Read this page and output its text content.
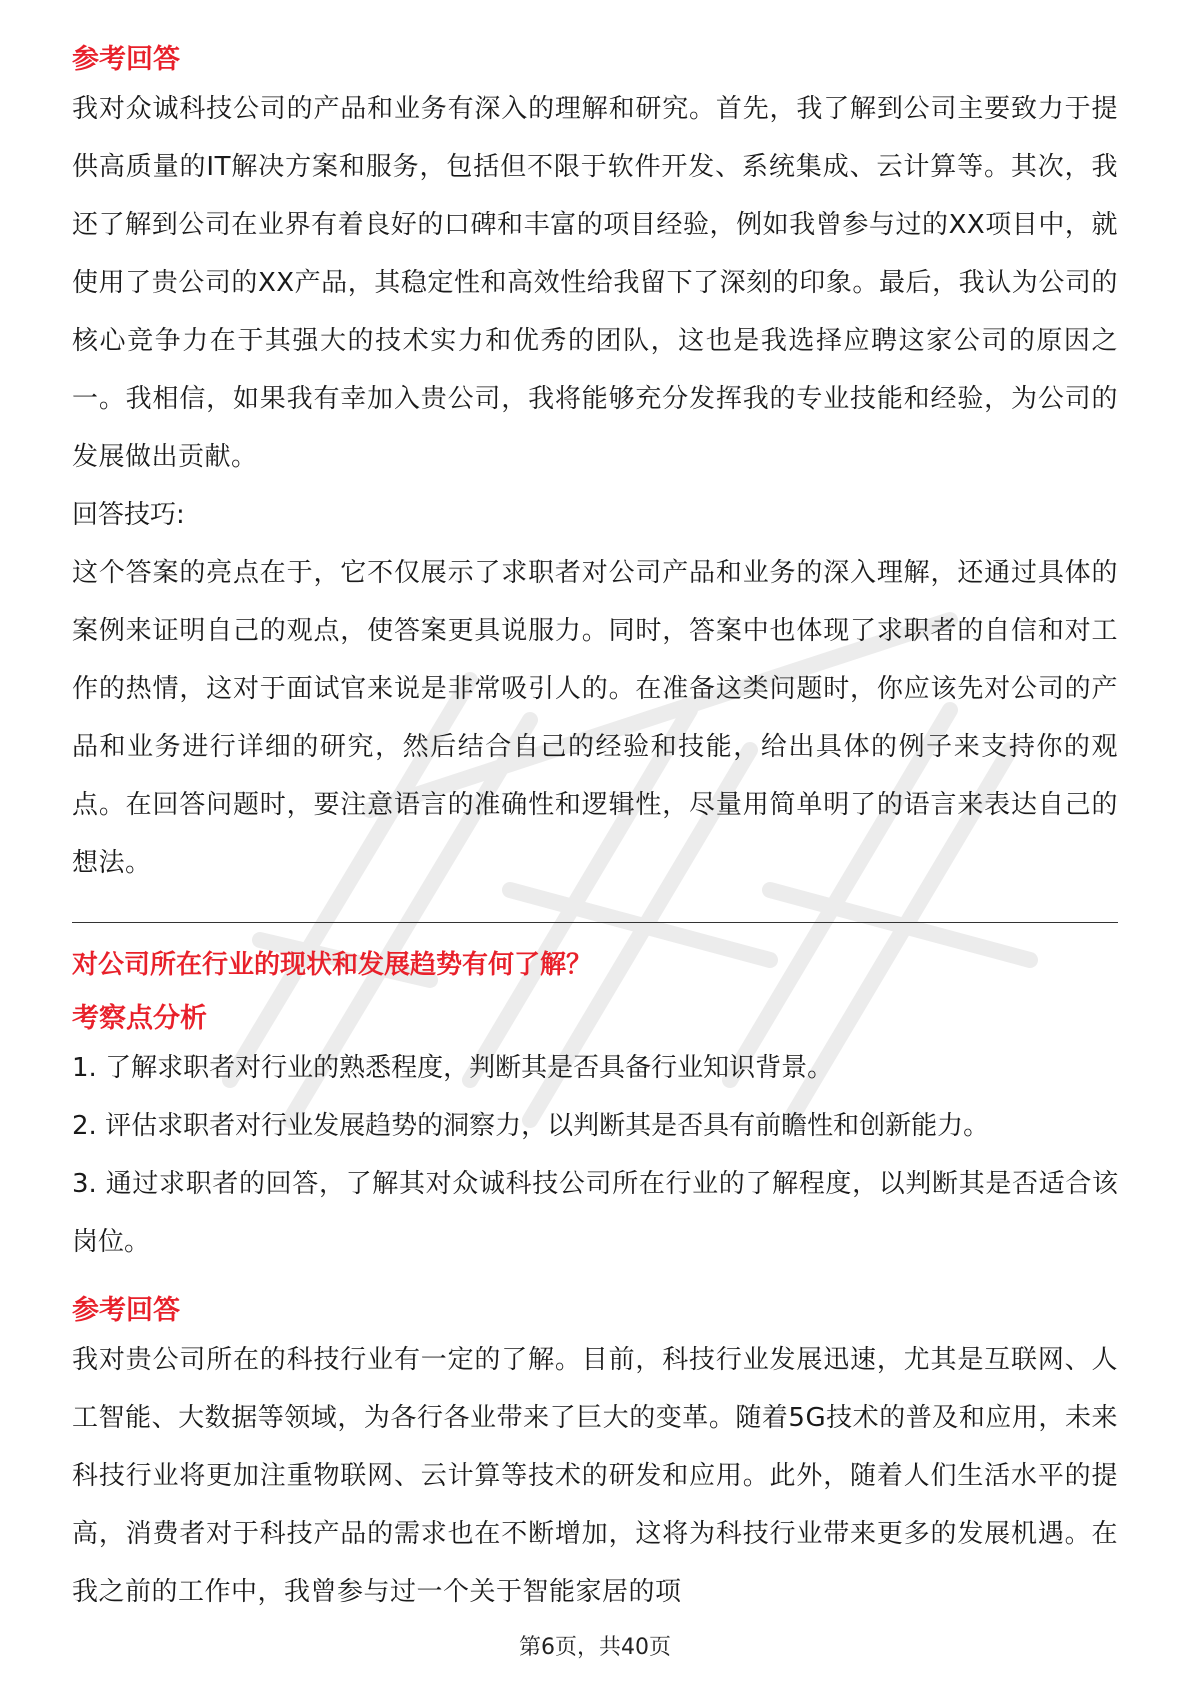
参考回答

我对众诚科技公司的产品和业务有深入的理解和研究。首先，我了解到公司主要致力于提供高质量的IT解决方案和服务，包括但不限于软件开发、系统集成、云计算等。其次，我还了解到公司在业界有着良好的口碑和丰富的项目经验，例如我曾参与过的XX项目中，就使用了贵公司的XX产品，其稳定性和高效性给我留下了深刻的印象。最后，我认为公司的核心竞争力在于其强大的技术实力和优秀的团队，这也是我选择应聘这家公司的原因之一。我相信，如果我有幸加入贵公司，我将能够充分发挥我的专业技能和经验，为公司的发展做出贡献。

回答技巧:

这个答案的亮点在于，它不仅展示了求职者对公司产品和业务的深入理解，还通过具体的案例来证明自己的观点，使答案更具说服力。同时，答案中也体现了求职者的自信和对工作的热情，这对于面试官来说是非常吸引人的。在准备这类问题时，你应该先对公司的产品和业务进行详细的研究，然后结合自己的经验和技能，给出具体的例子来支持你的观点。在回答问题时，要注意语言的准确性和逻辑性，尽量用简单明了的语言来表达自己的想法。

对公司所在行业的现状和发展趋势有何了解？

考察点分析

1. 了解求职者对行业的熟悉程度，判断其是否具备行业知识背景。

2. 评估求职者对行业发展趋势的洞察力，以判断其是否具有前瞻性和创新能力。

3. 通过求职者的回答，了解其对众诚科技公司所在行业的了解程度，以判断其是否适合该岗位。

参考回答

我对贵公司所在的科技行业有一定的了解。目前，科技行业发展迅速，尤其是互联网、人工智能、大数据等领域，为各行各业带来了巨大的变革。随着5G技术的普及和应用，未来科技行业将更加注重物联网、云计算等技术的研发和应用。此外，随着人们生活水平的提高，消费者对于科技产品的需求也在不断增加，这将为科技行业带来更多的发展机遇。在我之前的工作中，我曾参与过一个关于智能家居的项

第6页，共40页
